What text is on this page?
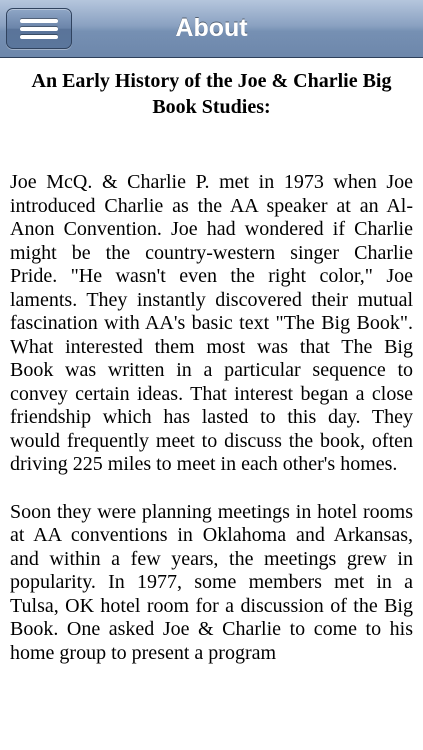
About
An Early History of the Joe & Charlie Big Book Studies:

Joe McQ. & Charlie P. met in 1973 when Joe introduced Charlie as the AA speaker at an Al-Anon Convention. Joe had wondered if Charlie might be the country-western singer Charlie Pride. "He wasn't even the right color," Joe laments. They instantly discovered their mutual fascination with AA's basic text "The Big Book". What interested them most was that The Big Book was written in a particular sequence to convey certain ideas. That interest began a close friendship which has lasted to this day. They would frequently meet to discuss the book, often driving 225 miles to meet in each other's homes.

Soon they were planning meetings in hotel rooms at AA conventions in Oklahoma and Arkansas, and within a few years, the meetings grew in popularity. In 1977, some members met in a Tulsa, OK hotel room for a discussion of the Big Book. One asked Joe & Charlie to come to his home group to present a program
